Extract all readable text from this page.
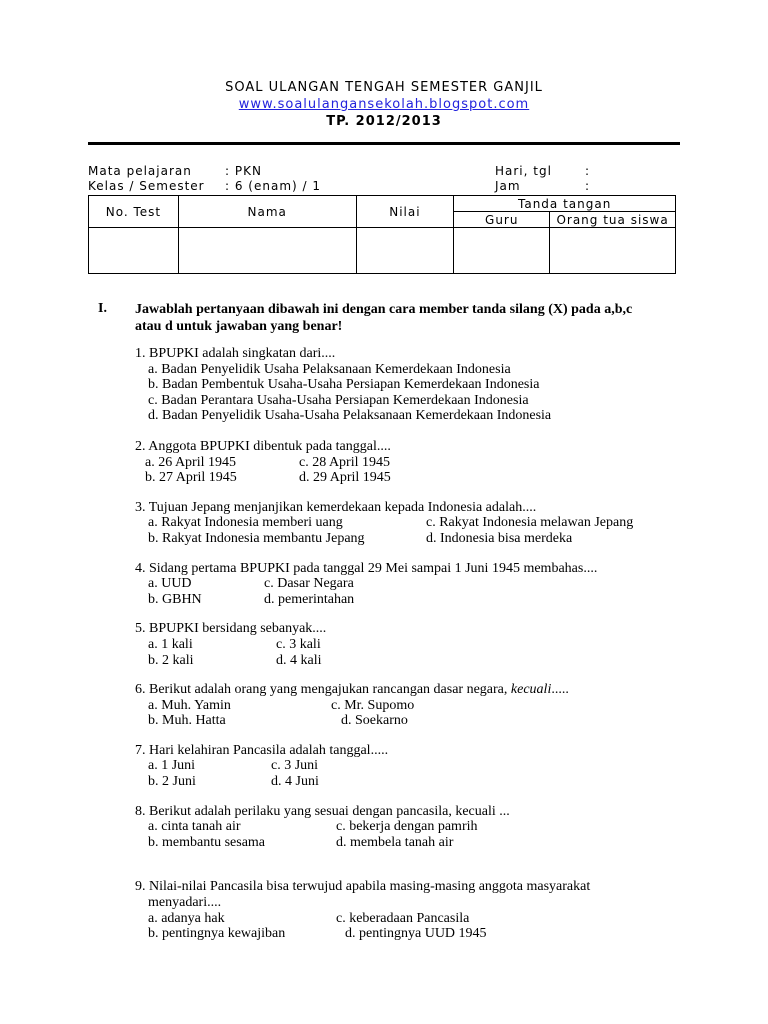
SOAL ULANGAN TENGAH SEMESTER GANJIL
www.soalulangansekolah.blogspot.com
TP. 2012/2013
Mata pelajaran	: PKN	Hari, tgl	:
Kelas / Semester : 6 (enam) / 1	Jam	:
No. Test	Nama	Nilai	Tanda tangan	
			Guru	Orang tua siswa

I. Jawablah pertanyaan dibawah ini dengan cara member tanda silang (X) pada a,b,c
atau d untuk jawaban yang benar!
1. BPUPKI adalah singkatan dari....
a. Badan Penyelidik Usaha Pelaksanaan Kemerdekaan Indonesia
b. Badan Pembentuk Usaha-Usaha Persiapan Kemerdekaan Indonesia
c. Badan Perantara Usaha-Usaha Persiapan Kemerdekaan Indonesia
d. Badan Penyelidik Usaha-Usaha Pelaksanaan Kemerdekaan Indonesia
2. Anggota BPUPKI dibentuk pada tanggal....
a. 26 April 1945	c. 28 April 1945
b. 27 April 1945	d. 29 April 1945
3. Tujuan Jepang menjanjikan kemerdekaan kepada Indonesia adalah....
a. Rakyat Indonesia memberi uang	c. Rakyat Indonesia melawan Jepang
b. Rakyat Indonesia membantu Jepang	d. Indonesia bisa merdeka
4. Sidang pertama BPUPKI pada tanggal 29 Mei sampai 1 Juni 1945 membahas....
a. UUD	c. Dasar Negara
b. GBHN	d. pemerintahan
5. BPUPKI bersidang sebanyak....
a. 1 kali	c. 3 kali
b. 2 kali	d. 4 kali
6. Berikut adalah orang yang mengajukan rancangan dasar negara, kecuali.....
a. Muh. Yamin	c. Mr. Supomo
b. Muh. Hatta	d. Soekarno
7. Hari kelahiran Pancasila adalah tanggal.....
a. 1 Juni	c. 3 Juni
b. 2 Juni	d. 4 Juni
8. Berikut adalah perilaku yang sesuai dengan pancasila, kecuali ...
a. cinta tanah air	c. bekerja dengan pamrih
b. membantu sesama	d. membela tanah air
9. Nilai-nilai Pancasila bisa terwujud apabila masing-masing anggota masyarakat
menyadari....
a. adanya hak	c. keberadaan Pancasila
b. pentingnya kewajiban	d. pentingnya UUD 1945
